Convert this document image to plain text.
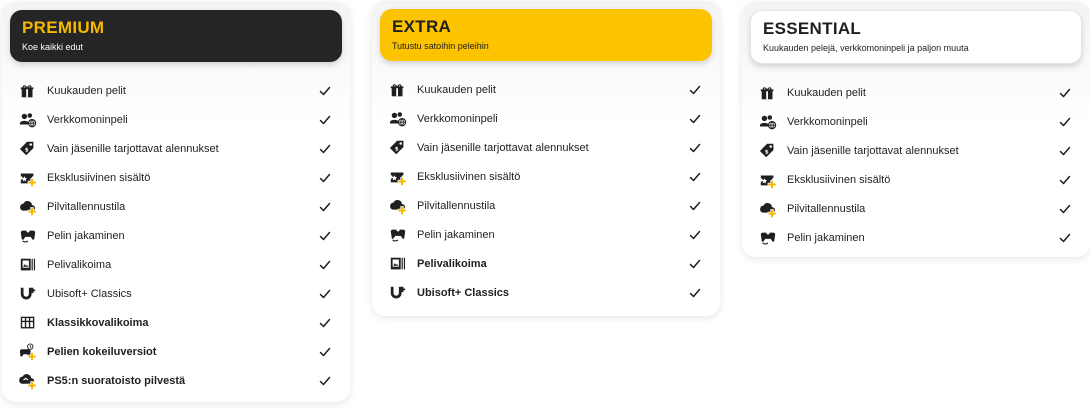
PREMIUM
Koe kaikki edut
Kuukauden pelit
Verkkomoninpeli
$ Vain jäsenille tarjottavat alennukset
Eksklusiivinen sisältö
Pilvitallennustila
Pelin jakaminen
Pelivalikoima
Ubisoft+ Classics
Klassikkovalikoima
Pelien kokeiluversiot
PS5:n suoratoisto pilvestä
EXTRA
Tutustu satoihin peleihin
Kuukauden pelit
Verkkomoninpeli
$ Vain jäsenille tarjottavat alennukset
Eksklusiivinen sisältö
Pilvitallennustila
Pelin jakaminen
Pelivalikoima
Ubisoft+ Classics
ESSENTIAL
Kuukauden pelejä, verkkomoninpeli ja paljon muuta
Kuukauden pelit
Verkkomoninpeli
$ Vain jäsenille tarjottavat alennukset
Eksklusiivinen sisältö
Pilvitallennustila
Pelin jakaminen
